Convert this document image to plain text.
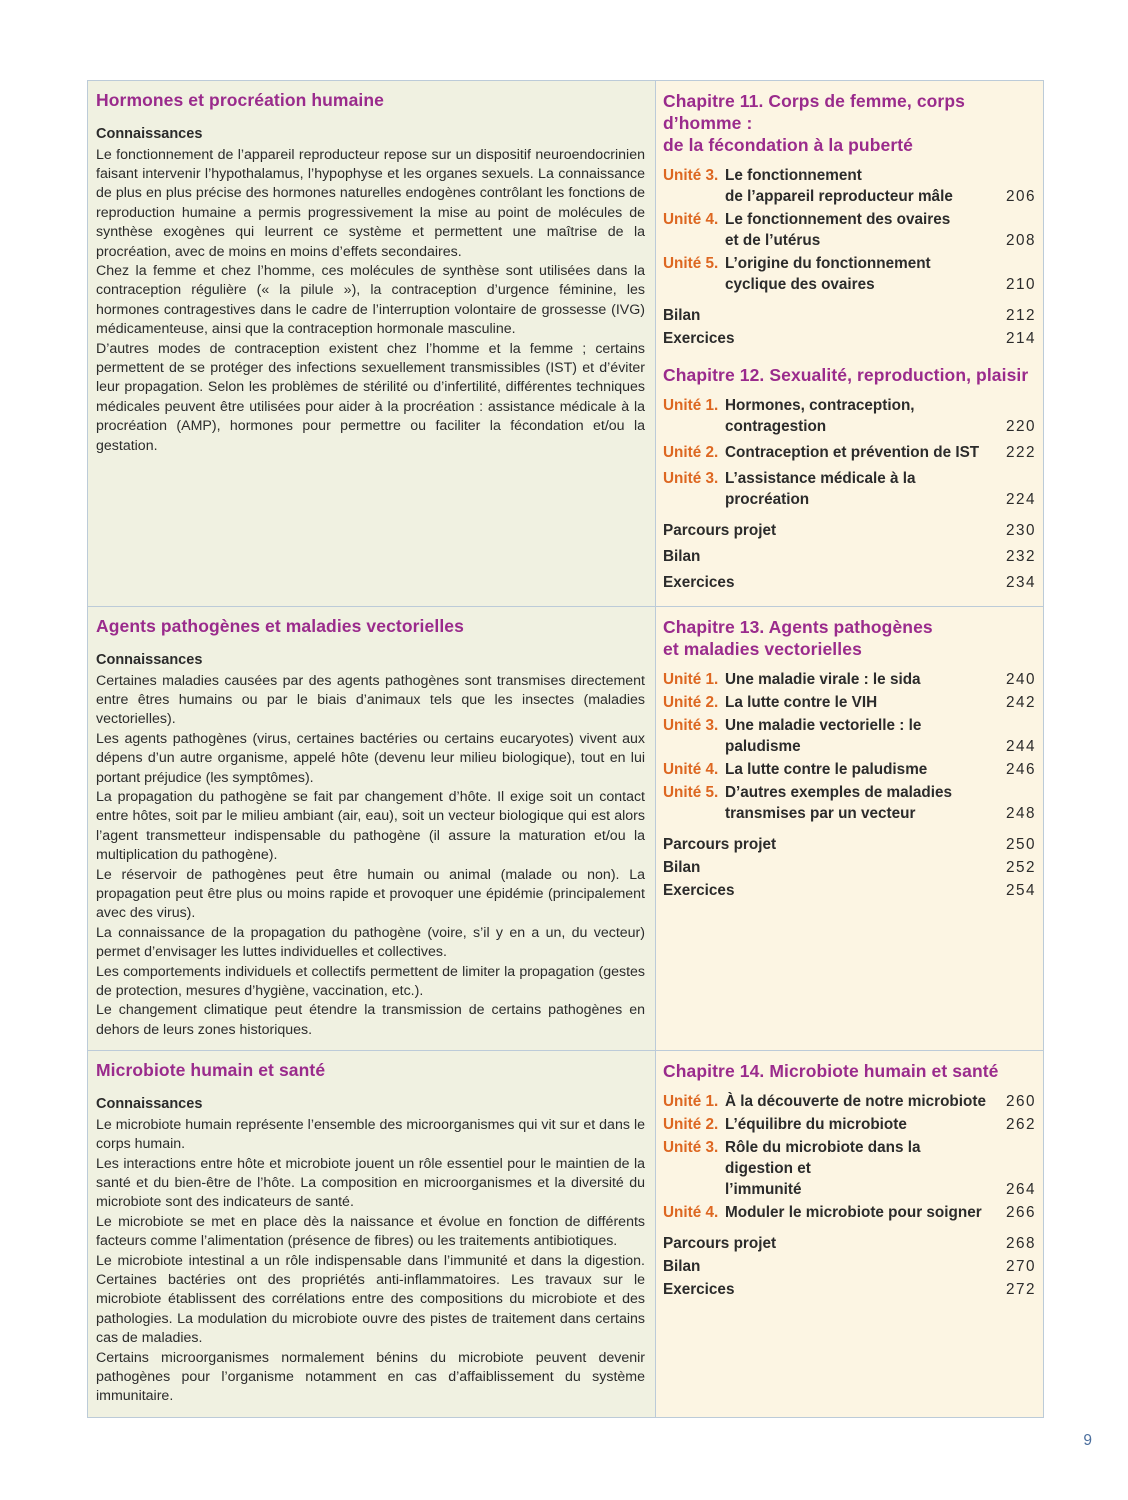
Hormones et procréation humaine
Connaissances

Le fonctionnement de l’appareil reproducteur repose sur un dispositif neuroendocrinien faisant intervenir l’hypothalamus, l’hypophyse et les organes sexuels. La connaissance de plus en plus précise des hormones naturelles endogènes contrôlant les fonctions de reproduction humaine a permis progressivement la mise au point de molécules de synthèse exogènes qui leurrent ce système et permettent une maîtrise de la procréation, avec de moins en moins d’effets secondaires.

Chez la femme et chez l’homme, ces molécules de synthèse sont utilisées dans la contraception régulière (« la pilule »), la contraception d’urgence féminine, les hormones contragestives dans le cadre de l’interruption volontaire de grossesse (IVG) médicamenteuse, ainsi que la contraception hormonale masculine.

D’autres modes de contraception existent chez l’homme et la femme ; certains permettent de se protéger des infections sexuellement transmissibles (IST) et d’éviter leur propagation. Selon les problèmes de stérilité ou d’infertilité, différentes techniques médicales peuvent être utilisées pour aider à la procréation : assistance médicale à la procréation (AMP), hormones pour permettre ou faciliter la fécondation et/ou la gestation.

Chapitre 11. Corps de femme, corps d’homme :
de la fécondation à la puberté
Unité 3. Le fonctionnement
de l’appareil reproducteur mâle	206
Unité 4. Le fonctionnement des ovaires
et de l’utérus	208
Unité 5. L’origine du fonctionnement
cyclique des ovaires	210
Bilan	212
Exercices	214
Chapitre 12. Sexualité, reproduction, plaisir
Unité 1. Hormones, contraception, contragestion	220
Unité 2. Contraception et prévention de IST	222
Unité 3. L’assistance médicale à la procréation	224
Parcours projet	230
Bilan	232
Exercices	234
Agents pathogènes et maladies vectorielles
Connaissances

Certaines maladies causées par des agents pathogènes sont transmises directement entre êtres humains ou par le biais d’animaux tels que les insectes (maladies vectorielles).

Les agents pathogènes (virus, certaines bactéries ou certains eucaryotes) vivent aux dépens d’un autre organisme, appelé hôte (devenu leur milieu biologique), tout en lui portant préjudice (les symptômes).

La propagation du pathogène se fait par changement d’hôte. Il exige soit un contact entre hôtes, soit par le milieu ambiant (air, eau), soit un vecteur biologique qui est alors l’agent transmetteur indispensable du pathogène (il assure la maturation et/ou la multiplication du pathogène).

Le réservoir de pathogènes peut être humain ou animal (malade ou non). La propagation peut être plus ou moins rapide et provoquer une épidémie (principalement avec des virus).

La connaissance de la propagation du pathogène (voire, s’il y en a un, du vecteur) permet d’envisager les luttes individuelles et collectives.

Les comportements individuels et collectifs permettent de limiter la propagation (gestes de protection, mesures d’hygiène, vaccination, etc.).

Le changement climatique peut étendre la transmission de certains pathogènes en dehors de leurs zones historiques.

Chapitre 13. Agents pathogènes
et maladies vectorielles
Unité 1. Une maladie virale : le sida	240
Unité 2. La lutte contre le VIH	242
Unité 3. Une maladie vectorielle : le paludisme	244
Unité 4. La lutte contre le paludisme	246
Unité 5. D’autres exemples de maladies
transmises par un vecteur	248
Parcours projet	250
Bilan	252
Exercices	254
Microbiote humain et santé
Connaissances

Le microbiote humain représente l’ensemble des microorganismes qui vit sur et dans le corps humain.

Les interactions entre hôte et microbiote jouent un rôle essentiel pour le maintien de la santé et du bien-être de l’hôte. La composition en microorganismes et la diversité du microbiote sont des indicateurs de santé.

Le microbiote se met en place dès la naissance et évolue en fonction de différents facteurs comme l’alimentation (présence de fibres) ou les traitements antibiotiques.

Le microbiote intestinal a un rôle indispensable dans l’immunité et dans la digestion. Certaines bactéries ont des propriétés anti-inflammatoires. Les travaux sur le microbiote établissent des corrélations entre des compositions du microbiote et des pathologies. La modulation du microbiote ouvre des pistes de traitement dans certains cas de maladies.

Certains microorganismes normalement bénins du microbiote peuvent devenir pathogènes pour l’organisme notamment en cas d’affaiblissement du système immunitaire.

Chapitre 14. Microbiote humain et santé
Unité 1. À la découverte de notre microbiote	260
Unité 2. L’équilibre du microbiote	262
Unité 3. Rôle du microbiote dans la digestion et
l’immunité	264
Unité 4. Moduler le microbiote pour soigner	266
Parcours projet	268
Bilan	270
Exercices	272
9
